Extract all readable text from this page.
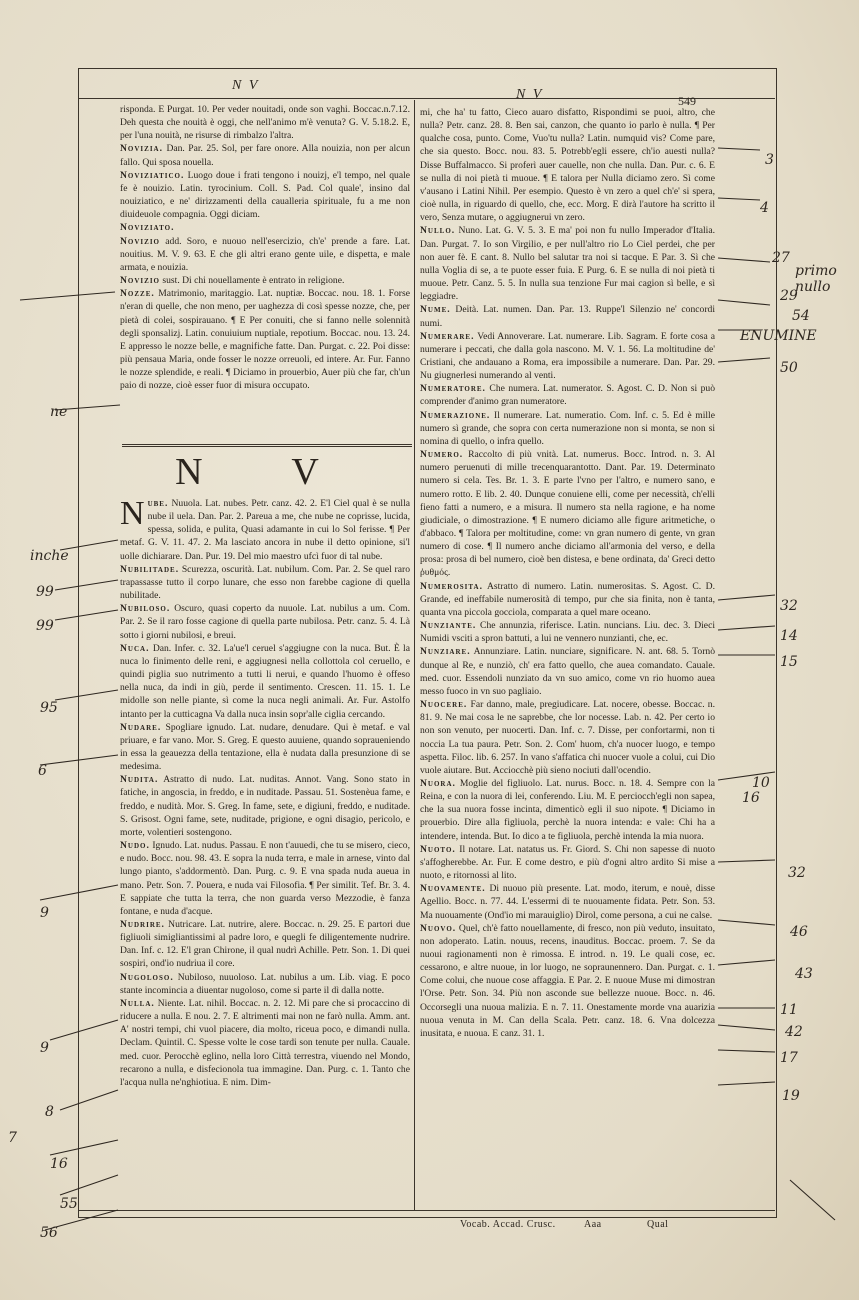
N V
N V	549

risponda. E Purgat. 10. Per veder nouitadi, onde son vaghi. Boccac.n.7.12. Deh questa che nouità è oggi, che nell'animo m'è venuta? G. V. 5.18.2. E, per l'una nouità, ne risurse di rimbalzo l'altra.

Novizia. Dan. Par. 25. Sol, per fare onore. Alla nouizia, non per alcun fallo. Qui sposa nouella.

Noviziatico. Luogo doue i frati tengono i nouizj, e'l tempo, nel quale fe è nouizio. Latin. tyrocinium. Coll. S. Pad. Col quale', insino dal nouiziatico, e ne' dirizzamenti della caualleria spirituale, fu a me non diuideuole compagnia. Oggi diciam.

Noviziato.

Novizio add. Soro, e nuouo nell'esercizio, ch'e' prende a fare. Lat. nouitius. M. V. 9. 63. E che gli altri erano gente uile, e dispetta, e male armata, e nouizia.

Novizio sust. Di chi nouellamente è entrato in religione.

Nozze. Matrimonio, maritaggio. Lat. nuptiæ. Boccac. nou. 18. 1. Forse n'eran di quelle, che non meno, per uaghezza di così spesse nozze, che, per pietà di colei, sospirauano. ¶ E Per conuiti, che si fanno nelle solennità degli sponsalizj. Latin. conuiuium nuptiale, repotium. Boccac. nou. 13. 24. E appresso le nozze belle, e magnifiche fatte. Dan. Purgat. c. 22. Poi disse: più pensaua Maria, onde fosser le nozze orreuoli, ed intere. Ar. Fur. Fanno le nozze splendide, e reali. ¶ Diciamo in prouerbio, Auer più che far, ch'un paio di nozze, cioè esser fuor di misura occupato.

N V

Nube. Nuuola. Lat. nubes. Petr. canz. 42. 2. E'l Ciel qual è se nulla nube il uela. Dan. Par. 2. Pareua a me, che nube ne coprisse, lucida, spessa, solida, e pulita, Quasi adamante in cui lo Sol ferisse. ¶ Per metaf. G. V. 11. 47. 2. Ma lasciato ancora in nube il detto opinione, si'l uolle dichiarare. Dan. Pur. 19. Del mio maestro ufcì fuor di tal nube.

Nubilitade. Scurezza, oscurità. Lat. nubilum. Com. Par. 2. Se quel raro trapassasse tutto il corpo lunare, che esso non farebbe cagione di quella nubilitade.

Nubiloso. Oscuro, quasi coperto da nuuole. Lat. nubilus a um. Com. Par. 2. Se il raro fosse cagione di quella parte nubilosa. Petr. canz. 5. 4. Là sotto i giorni nubilosi, e breui.

Nuca. Dan. Infer. c. 32. La'ue'l ceruel s'aggiugne con la nuca. But. È la nuca lo finimento delle reni, e aggiugnesi nella collottola col ceruello, e quindi piglia suo nutrimento a tutti li nerui, e quando l'huomo è offeso nella nuca, da indi in giù, perde il sentimento. Crescen. 11. 15. 1. Le midolle son nelle piante, sì come la nuca negli animali. Ar. Fur. Astolfo intanto per la cutticagna Va dalla nuca insin sopr'alle ciglia cercando.

Nudare. Spogliare ignudo. Lat. nudare, denudare. Qui è metaf. e val priuare, e far vano. Mor. S. Greg. E questo auuiene, quando sopraueniendo in essa la geauezza della tentazione, ella è nudata dalla presunzione di se medesima.

Nudita. Astratto di nudo. Lat. nuditas. Annot. Vang. Sono stato in fatiche, in angoscia, in freddo, e in nuditade. Passau. 51. Sostenèua fame, e freddo, e nudità. Mor. S. Greg. In fame, sete, e digiuni, freddo, e nuditade. S. Grisost. Ogni fame, sete, nuditade, prigione, e ogni disagio, pericolo, e morte, volentieri sostengono.

Nudo. Ignudo. Lat. nudus. Passau. E non t'auuedi, che tu se misero, cieco, e nudo. Bocc. nou. 98. 43. E sopra la nuda terra, e male in arnese, vinto dal lungo pianto, s'addormentò. Dan. Purg. c. 9. E vna spada nuda aueua in mano. Petr. Son. 7. Pouera, e nuda vai Filosofia. ¶ Per similit. Tef. Br. 3. 4. E sappiate che tutta la terra, che non guarda verso Mezzodie, è fanza fontane, e nuda d'acque.

Nudrire. Nutricare. Lat. nutrire, alere. Boccac. n. 29. 25. E partori due figliuoli simigliantissimi al padre loro, e quegli fe diligentemente nudrire. Dan. Inf. c. 12. E'l gran Chirone, il qual nudrì Achille. Petr. Son. 1. Di quei sospiri, ond'io nudriua il core.

Nugoloso. Nubiloso, nuuoloso. Lat. nubilus a um. Lib. viag. E poco stante incomincia a diuentar nugoloso, come si parte il dì dalla notte.

Nulla. Niente. Lat. nihil. Boccac. n. 2. 12. Mi pare che si procaccino di riducere a nulla. E nou. 2. 7. E altrimenti mai non ne farò nulla. Amm. ant. A' nostri tempi, chi vuol piacere, dia molto, riceua poco, e dimandi nulla. Declam. Quintil. C. Spesse volte le cose tardi son tenute per nulla. Cauale. med. cuor. Perocchè eglino, nella loro Città terrestra, viuendo nel Mondo, recarono a nulla, e disfecionola tua immagine. Dan. Purg. c. 1. Tanto che l'acqua nulla ne'nghiotiua. E nim. Dim-

mi, che ha' tu fatto, Cieco auaro disfatto, Rispondimi se puoi, altro, che nulla? Petr. canz. 28. 8. Ben sai, canzon, che quanto io parlo è nulla. ¶ Per qualche cosa, punto. Come, Vuo'tu nulla? Latin. numquid vis? Come pare, che sia questo. Bocc. nou. 83. 5. Potrebb'egli essere, ch'io auesti nulla? Disse Buffalmacco. Si proferì auer cauelle, non che nulla. Dan. Pur. c. 6. E se nulla di noi pietà ti muoue. ¶ E talora per Nulla diciamo zero. Sì come v'ausano i Latini Nihil. Per esempio. Questo è vn zero a quel ch'e' si spera, cioè nulla, in riguardo di quello, che, ecc. Morg. E dirà l'autore ha scritto il vero, Senza mutare, o aggiugnerui vn zero.

Nullo. Nuno. Lat. G. V. 5. 3. E ma' poi non fu nullo Imperador d'Italia. Dan. Purgat. 7. Io son Virgilio, e per null'altro rio Lo Ciel perdei, che per non auer fè. E cant. 8. Nullo bel salutar tra noi si tacque. E Par. 3. Sì che nulla Voglia di se, a te puote esser fuia. E Purg. 6. E se nulla di noi pietà ti muoue. Petr. Canz. 5. 5. In nulla sua tenzione Fur mai cagion sì belle, e sì leggiadre.

Nume. Deità. Lat. numen. Dan. Par. 13. Ruppe'l Silenzio ne' concordi numi.

Numerare. Vedi Annoverare. Lat. numerare. Lib. Sagram. E forte cosa a numerare i peccati, che dalla gola nascono. M. V. 1. 56. La moltitudine de' Cristiani, che andauano a Roma, era impossibile a numerare. Dan. Par. 29. Nu giugnerlesi numerando al venti.

Numeratore. Che numera. Lat. numerator. S. Agost. C. D. Non si può comprender d'animo gran numeratore.

Numerazione. Il numerare. Lat. numeratio. Com. Inf. c. 5. Ed è mille numero sì grande, che sopra con certa numerazione non si monta, se non si nomina di quello, o infra quello.

Numero. Raccolto di più vnità. Lat. numerus. Bocc. Introd. n. 3. Al numero peruenuti di mille trecenquarantotto. Dant. Par. 19. Determinato numero si cela. Tes. Br. 1. 3. E parte l'vno per l'altro, e numero sano, e numero rotto. E lib. 2. 40. Dunque conuiene elli, come per necessità, ch'elli fieno fatti a numero, e a misura. Il numero sta nella ragione, e ha nome giudiciale, o dimostrazione. ¶ E numero diciamo alle figure aritmetiche, o d'abbaco. ¶ Talora per moltitudine, come: vn gran numero di gente, vn gran numero di cose. ¶ Il numero anche diciamo all'armonia del verso, e della prosa: prosa di bel numero, cioè ben distesa, e bene ordinata, da' Greci detto ῥυθμός.

Numerosita. Astratto di numero. Latin. numerositas. S. Agost. C. D. Grande, ed ineffabile numerosità di tempo, pur che sia finita, non è tanta, quanta vna piccola gocciola, comparata a quel mare oceano.

Nunziante. Che annunzia, riferisce. Latin. nuncians. Liu. dec. 3. Dieci Numidi vsciti a spron battuti, a lui ne vennero nunzianti, che, ec.

Nunziare. Annunziare. Latin. nunciare, significare. N. ant. 68. 5. Tornò dunque al Re, e nunziò, ch' era fatto quello, che aueа comandato. Cauale. med. cuor. Essendoli nunziato da vn suo amico, come vn rio huomo aueа messo fuoco in vn suo pagliaio.

Nuocere. Far danno, male, pregiudicare. Lat. nocere, obesse. Boccac. n. 81. 9. Ne mai cosa le ne saprebbe, che lor nocesse. Lab. n. 42. Per certo io non son venuto, per nuocerti. Dan. Inf. c. 7. Disse, per confortarmi, non ti noccia La tua paura. Petr. Son. 2. Com' huom, ch'a nuocer luogo, e tempo aspetta. Filoc. lib. 6. 257. In vano s'affatica chi nuocer vuole a colui, cui Dio vuole aiutare. But. Acciocchè più sieno nociuti dall'ocendio.

Nuora. Moglie del figliuolo. Lat. nurus. Bocc. n. 18. 4. Sempre con la Reina, e con la nuora di lei, conferendo. Liu. M. E perciocch'egli non sapea, che la sua nuora fosse incinta, dimenticò egli il suo nipote. ¶ Diciamo in prouerbio. Dire alla figliuola, perchè la nuora intenda: e vale: Chi ha a intendere, intenda. But. Io dico a te figliuola, perchè intenda la mia nuora.

Nuoto. Il notare. Lat. natatus us. Fr. Giord. S. Chi non sapesse di nuoto s'affogherebbe. Ar. Fur. E come destro, e più d'ogni altro ardito Si mise a nuoto, e ritornossi al lito.

Nuovamente. Di nuouo più presente. Lat. modo, iterum, e nouè, disse Agellio. Bocc. n. 77. 44. L'essermi di te nuouamente fidata. Petr. Son. 53. Ma nuouamente (Ond'io mi marauiglio) Dirol, come persona, a cui ne calse.

Nuovo. Quel, ch'è fatto nouellamente, di fresco, non più veduto, insuitato, non adoperato. Latin. nouus, recens, inauditus. Boccac. proem. 7. Se da nuoui ragionamenti non è rimossa. E introd. n. 19. Le quali cose, ec. cessarono, e altre nuoue, in lor luogo, ne sopraunennero. Dan. Purgat. c. 1. Come colui, che nuoue cose affaggia. E Par. 2. E nuoue Muse mi dimostran l'Orse. Petr. Son. 34. Più non asconde sue bellezze nuoue. Bocc. n. 46. Occorsegli una nuoua malizia. E n. 7. 11. Onestamente morde vna auarizia nuoua venuta in M. Can della Scala. Petr. canz. 18. 6. Vna dolcezza inusitata, e nuoua. E canz. 31. 1.

Vocab. Accad. Crusc.	Aaa	Qual
ne
inche
99
99
95
6
9
9
8
7
16
55
56
3
4
27
29
54
primo nullo
ENUMINE
50
32
14
15
10
16
32
46
43
11
42
17
19
